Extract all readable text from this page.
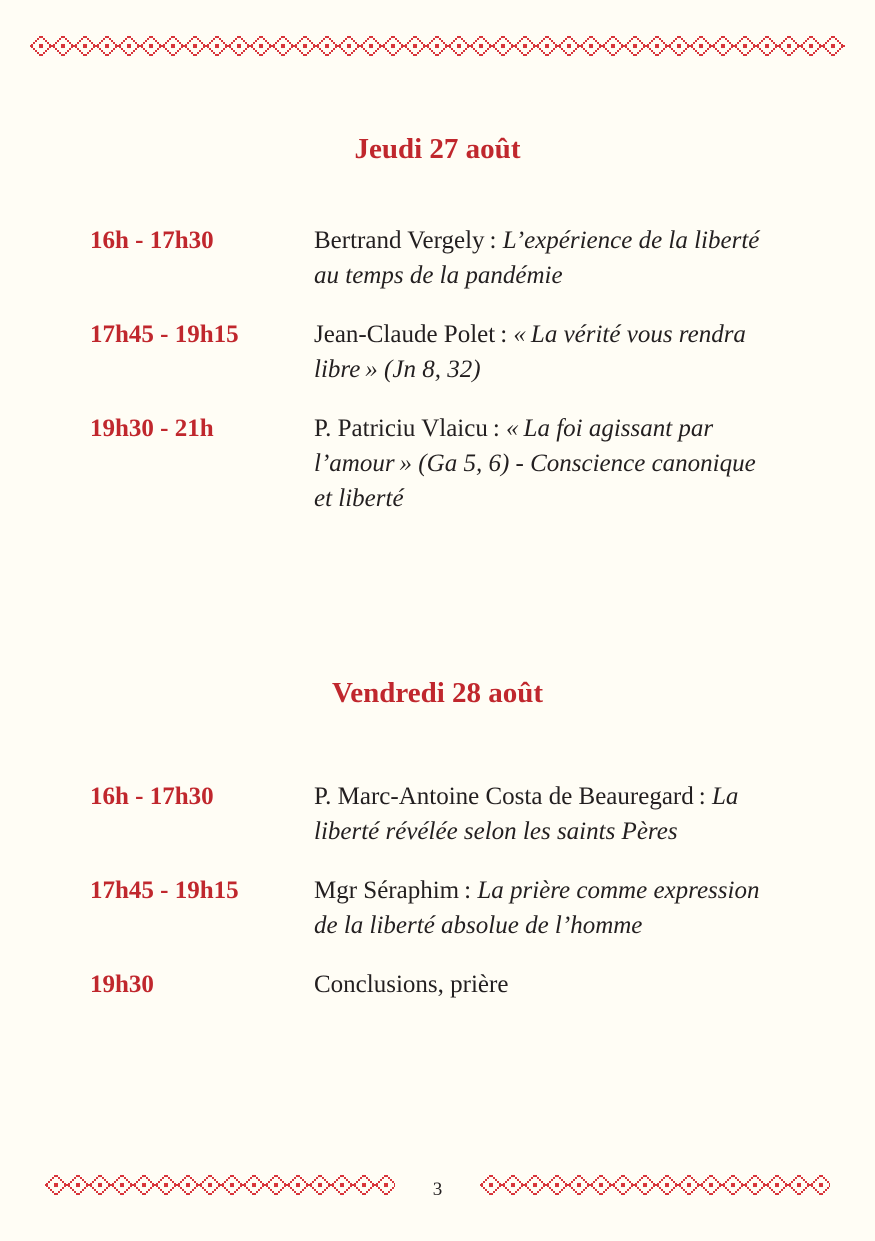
Jeudi 27 août
16h - 17h30	Bertrand Vergely : L’expérience de la liberté au temps de la pandémie
17h45 - 19h15	Jean-Claude Polet : « La vérité vous rendra libre » (Jn 8, 32)
19h30 - 21h	P. Patriciu Vlaicu : « La foi agissant par l’amour » (Ga 5, 6) - Conscience canonique et liberté
Vendredi 28 août
16h - 17h30	P. Marc-Antoine Costa de Beauregard : La liberté révélée selon les saints Pères
17h45 - 19h15	Mgr Séraphim : La prière comme expression de la liberté absolue de l’homme
19h30	Conclusions, prière
3
